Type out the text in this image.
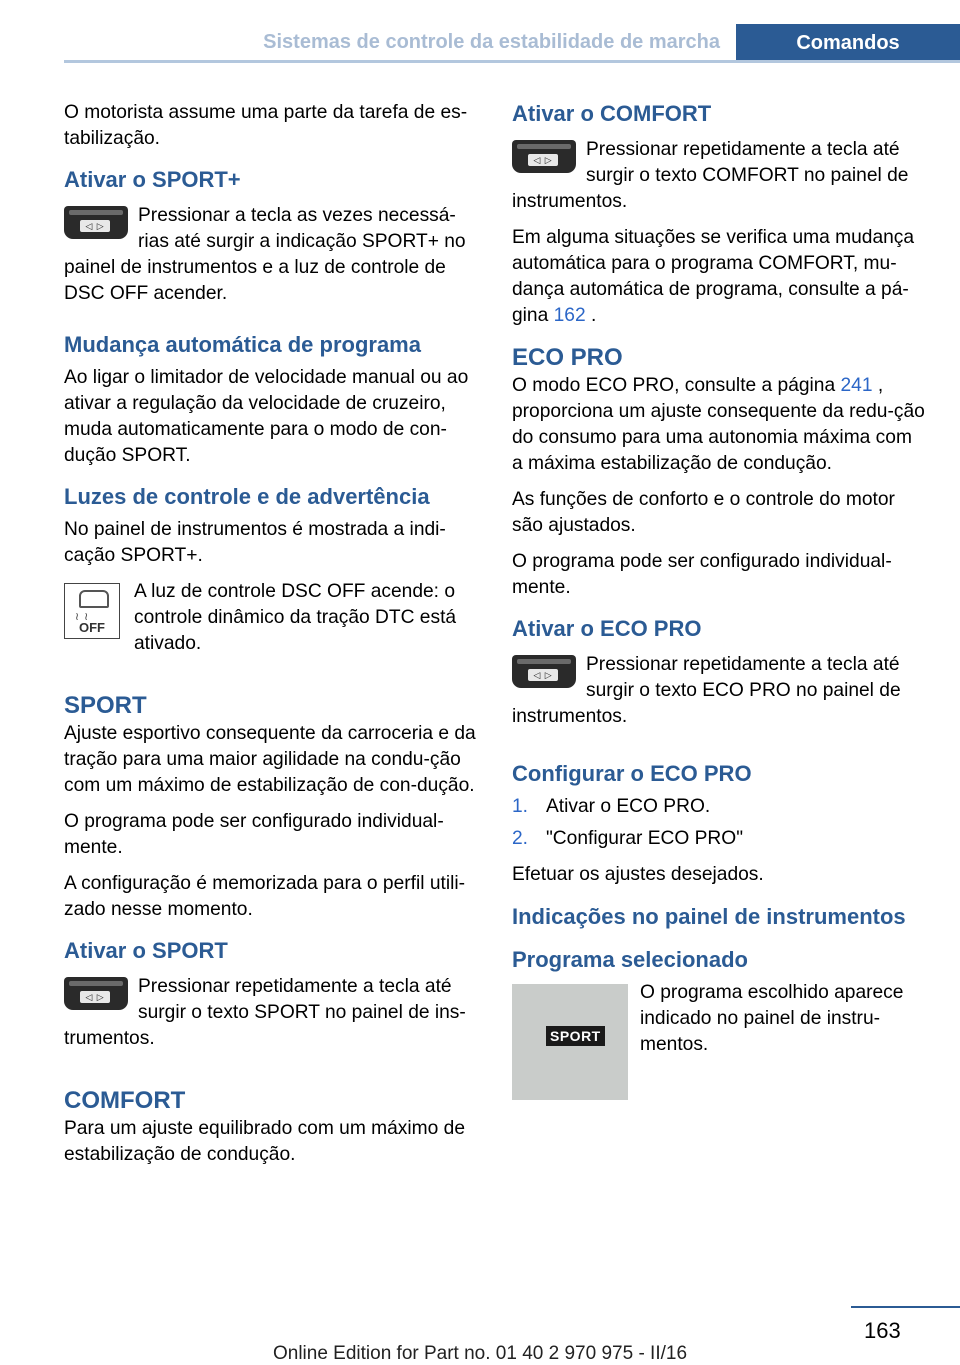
Sistemas de controle da estabilidade de marcha	Comandos

O motorista assume uma parte da tarefa de es‐tabilização.

Ativar o SPORT+
◁ ▷	Pressionar a tecla as vezes necessá‐rias até surgir a indicação SPORT+ no painel de instrumentos e a luz de controle de DSC OFF acender.

Mudança automática de programa

Ao ligar o limitador de velocidade manual ou ao ativar a regulação da velocidade de cruzeiro, muda automaticamente para o modo de con‐dução SPORT.

Luzes de controle e de advertência

No painel de instrumentos é mostrada a indi‐cação SPORT+.

≀ ≀
OFF

A luz de controle DSC OFF acende: o controle dinâmico da tração DTC está ativado.

SPORT

Ajuste esportivo consequente da carroceria e da tração para uma maior agilidade na condu‐ção com um máximo de estabilização de con‐dução.

O programa pode ser configurado individual‐mente.

A configuração é memorizada para o perfil utili‐zado nesse momento.

Ativar o SPORT
◁ ▷	Pressionar repetidamente a tecla até surgir o texto SPORT no painel de ins‐trumentos.

COMFORT

Para um ajuste equilibrado com um máximo de estabilização de condução.

Ativar o COMFORT
◁ ▷	Pressionar repetidamente a tecla até surgir o texto COMFORT no painel de instrumentos.

Em alguma situações se verifica uma mudança automática para o programa COMFORT, mu‐dança automática de programa, consulte a pá‐gina 162 .

ECO PRO

O modo ECO PRO, consulte a página 241 , proporciona um ajuste consequente da redu‐ção do consumo para uma autonomia máxima com a máxima estabilização de condução.

As funções de conforto e o controle do motor são ajustados.

O programa pode ser configurado individual‐mente.

Ativar o ECO PRO
◁ ▷	Pressionar repetidamente a tecla até surgir o texto ECO PRO no painel de instrumentos.

Configurar o ECO PRO
1. Ativar o ECO PRO.
2. "Configurar ECO PRO"

Efetuar os ajustes desejados.

Indicações no painel de instrumentos
Programa selecionado
SPORT

O programa escolhido aparece indicado no painel de instru‐mentos.

163
Online Edition for Part no. 01 40 2 970 975 - II/16
